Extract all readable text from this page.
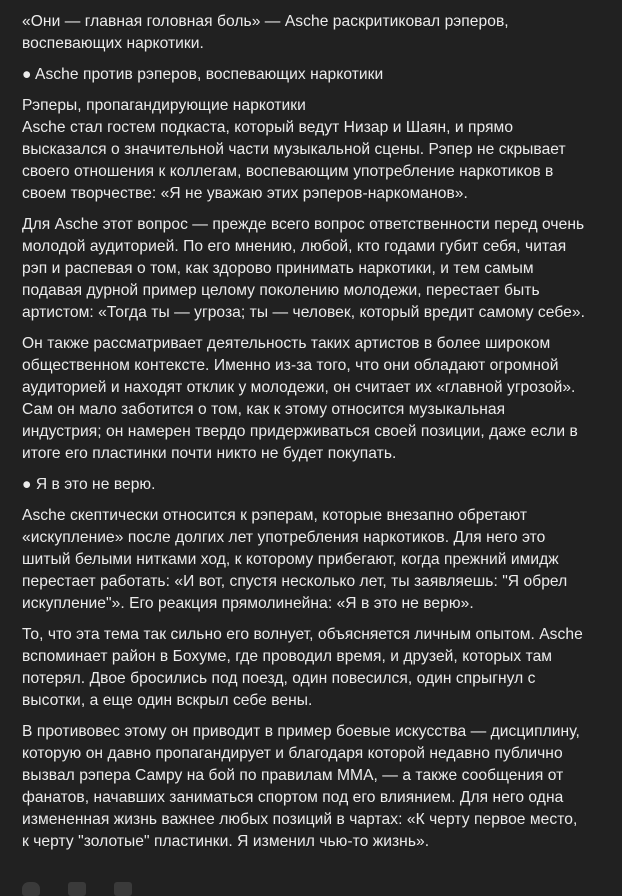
«Они — главная головная боль» — Asche раскритиковал рэперов,
воспевающих наркотики.
● Asche против рэперов, воспевающих наркотики
Рэперы, пропагандирующие наркотики
Asche стал гостем подкаста, который ведут Низар и Шаян, и прямо
высказался о значительной части музыкальной сцены. Рэпер не скрывает
своего отношения к коллегам, воспевающим употребление наркотиков в
своем творчестве: «Я не уважаю этих рэперов-наркоманов».
Для Asche этот вопрос — прежде всего вопрос ответственности перед очень
молодой аудиторией. По его мнению, любой, кто годами губит себя, читая
рэп и распевая о том, как здорово принимать наркотики, и тем самым
подавая дурной пример целому поколению молодежи, перестает быть
артистом: «Тогда ты — угроза; ты — человек, который вредит самому себе».
Он также рассматривает деятельность таких артистов в более широком
общественном контексте. Именно из-за того, что они обладают огромной
аудиторией и находят отклик у молодежи, он считает их «главной угрозой».
Сам он мало заботится о том, как к этому относится музыкальная
индустрия; он намерен твердо придерживаться своей позиции, даже если в
итоге его пластинки почти никто не будет покупать.
● Я в это не верю.
Asche скептически относится к рэперам, которые внезапно обретают
«искупление» после долгих лет употребления наркотиков. Для него это
шитый белыми нитками ход, к которому прибегают, когда прежний имидж
перестает работать: «И вот, спустя несколько лет, ты заявляешь: "Я обрел
искупление"». Его реакция прямолинейна: «Я в это не верю».
То, что эта тема так сильно его волнует, объясняется личным опытом. Asche
вспоминает район в Бохуме, где проводил время, и друзей, которых там
потерял. Двое бросились под поезд, один повесился, один спрыгнул с
высотки, а еще один вскрыл себе вены.
В противовес этому он приводит в пример боевые искусства — дисциплину,
которую он давно пропагандирует и благодаря которой недавно публично
вызвал рэпера Самру на бой по правилам ММА, — а также сообщения от
фанатов, начавших заниматься спортом под его влиянием. Для него одна
измененная жизнь важнее любых позиций в чартах: «К черту первое место,
к черту "золотые" пластинки. Я изменил чью-то жизнь».
